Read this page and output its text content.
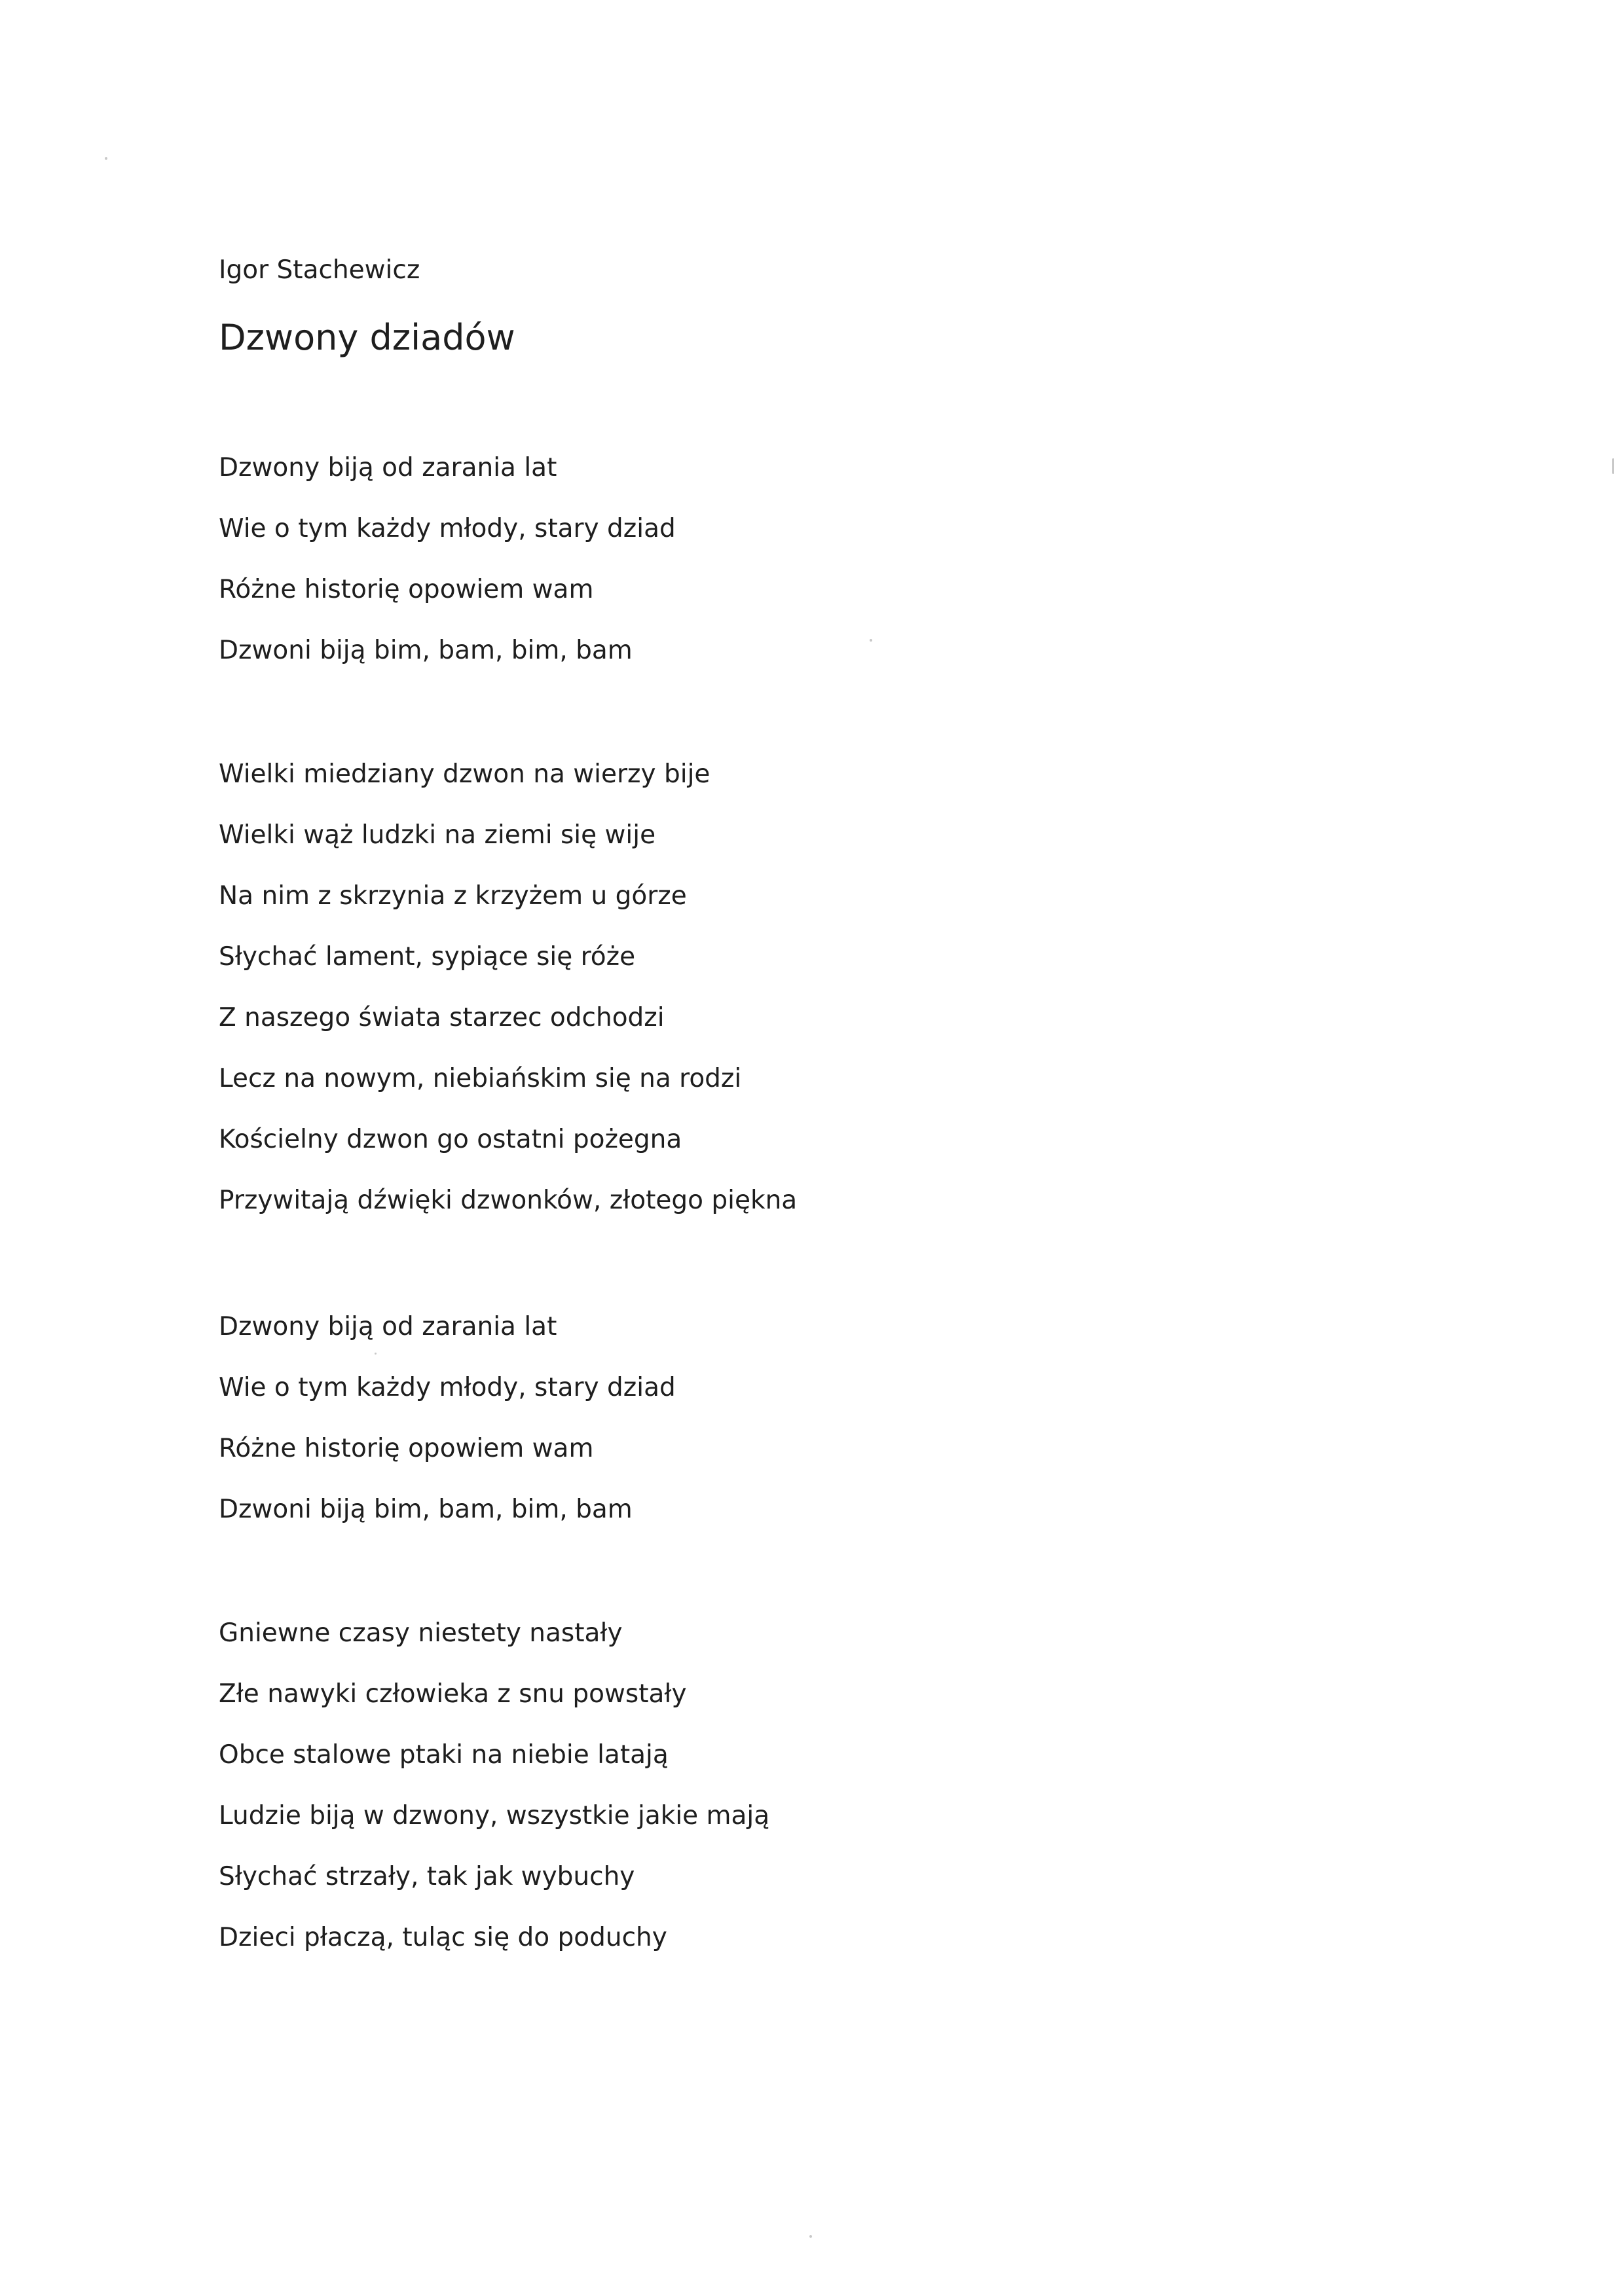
Igor Stachewicz
Dzwony dziadów
Dzwony biją od zarania lat
Wie o tym każdy młody, stary dziad
Różne historię opowiem wam
Dzwoni biją bim, bam, bim, bam
Wielki miedziany dzwon na wierzy bije
Wielki wąż ludzki na ziemi się wije
Na nim z skrzynia z krzyżem u górze
Słychać lament, sypiące się róże
Z naszego świata starzec odchodzi
Lecz na nowym, niebiańskim się na rodzi
Kościelny dzwon go ostatni pożegna
Przywitają dźwięki dzwonków, złotego piękna
Dzwony biją od zarania lat
Wie o tym każdy młody, stary dziad
Różne historię opowiem wam
Dzwoni biją bim, bam, bim, bam
Gniewne czasy niestety nastały
Złe nawyki człowieka z snu powstały
Obce stalowe ptaki na niebie latają
Ludzie biją w dzwony, wszystkie jakie mają
Słychać strzały, tak jak wybuchy
Dzieci płaczą, tuląc się do poduchy
